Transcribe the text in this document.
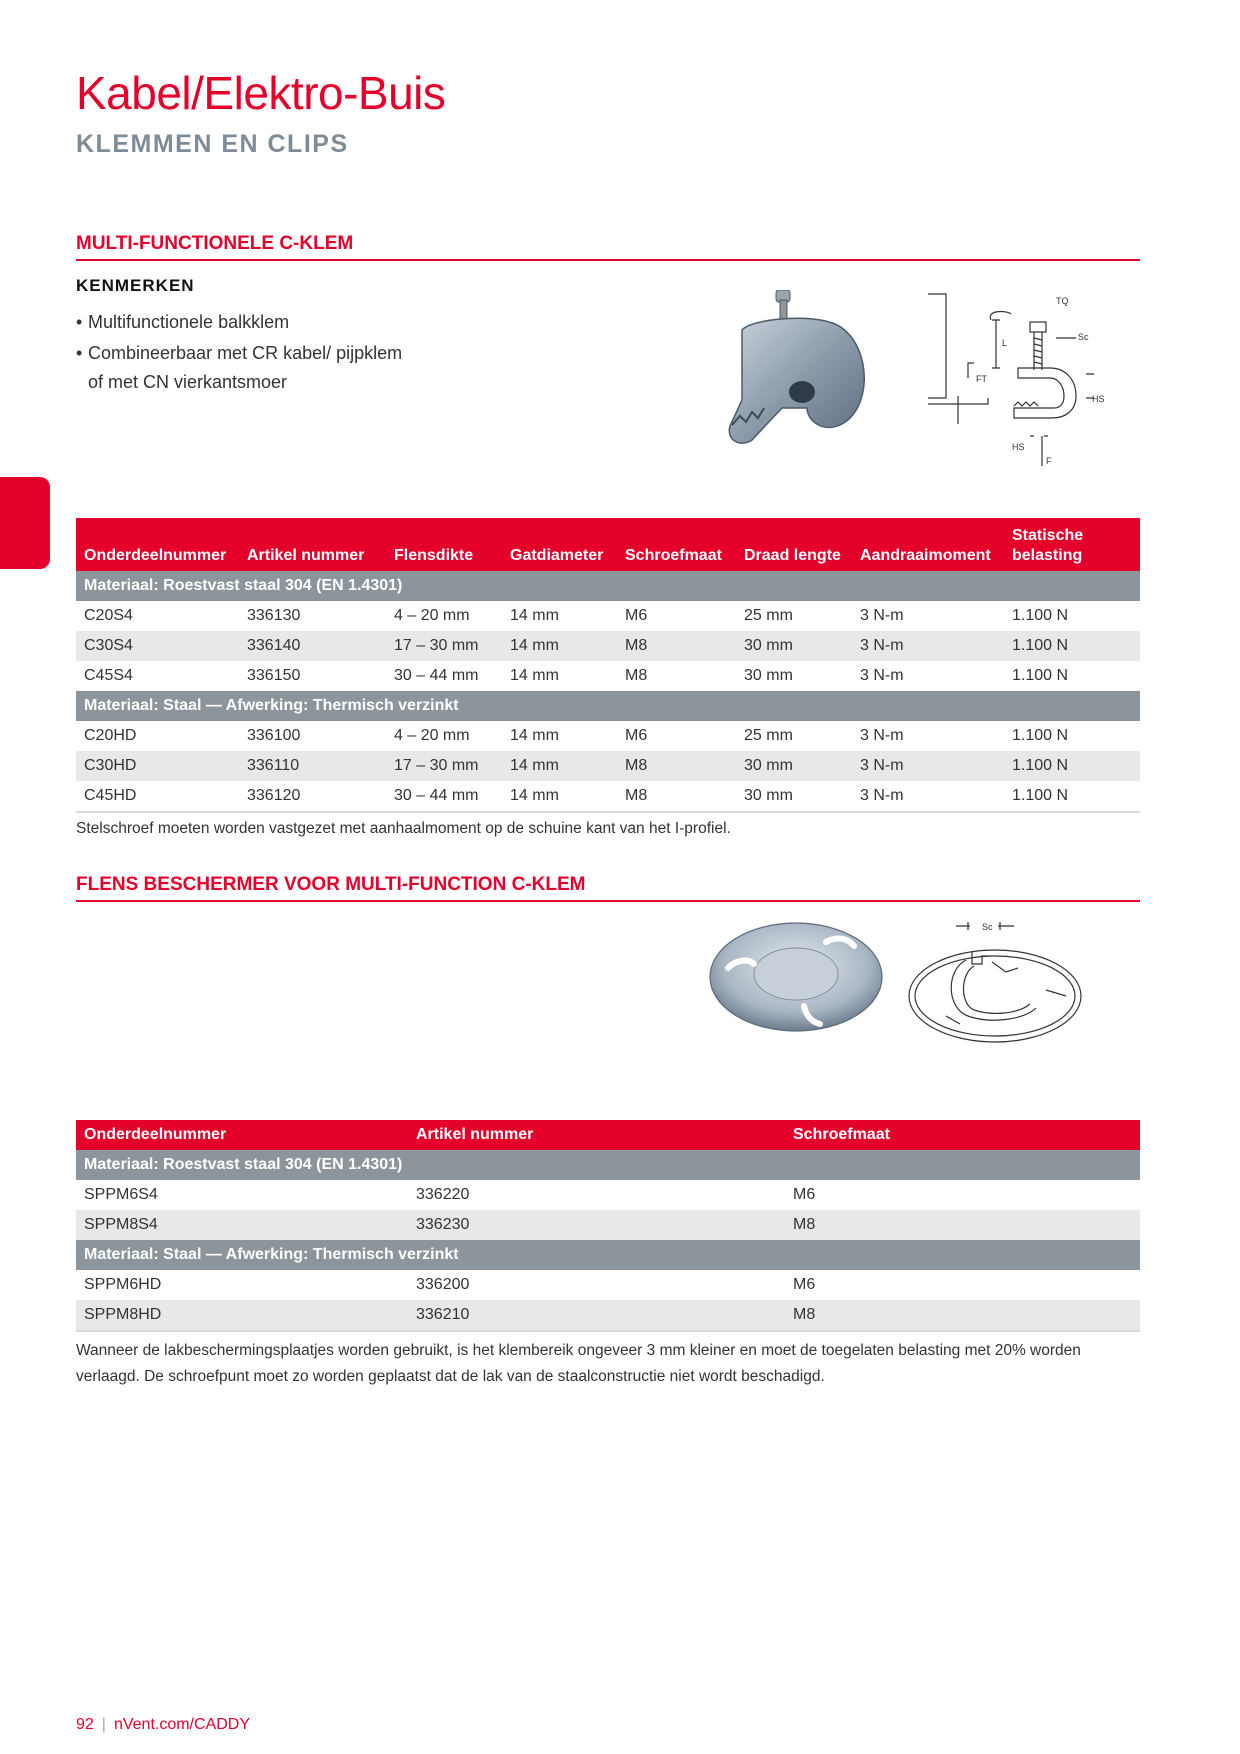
Kabel/Elektro-Buis
KLEMMEN EN CLIPS
MULTI-FUNCTIONELE C-KLEM
KENMERKEN
• Multifunctionele balkklem
• Combineerbaar met CR kabel/ pijpklem of met CN vierkantsmoer
TQ
Sc
L
FT
HS
HS
F
Onderdeelnummer	Artikel nummer	Flensdikte	Gatdiameter	Schroefmaat	Draad lengte	Aandraaimoment	Statische belasting
Materiaal: Roestvast staal 304 (EN 1.4301)							
C20S4	336130	4 – 20 mm	14 mm	M6	25 mm	3 N-m	1.100 N
C30S4	336140	17 – 30 mm	14 mm	M8	30 mm	3 N-m	1.100 N
C45S4	336150	30 – 44 mm	14 mm	M8	30 mm	3 N-m	1.100 N
Materiaal: Staal — Afwerking: Thermisch verzinkt							
C20HD	336100	4 – 20 mm	14 mm	M6	25 mm	3 N-m	1.100 N
C30HD	336110	17 – 30 mm	14 mm	M8	30 mm	3 N-m	1.100 N
C45HD	336120	30 – 44 mm	14 mm	M8	30 mm	3 N-m	1.100 N

Stelschroef moeten worden vastgezet met aanhaalmoment op de schuine kant van het I-profiel.

FLENS BESCHERMER VOOR MULTI-FUNCTION C-KLEM
Sc
Onderdeelnummer	Artikel nummer	Schroefmaat
Materiaal: Roestvast staal 304 (EN 1.4301)		
SPPM6S4	336220	M6
SPPM8S4	336230	M8
Materiaal: Staal — Afwerking: Thermisch verzinkt		
SPPM6HD	336200	M6
SPPM8HD	336210	M8

Wanneer de lakbeschermingsplaatjes worden gebruikt, is het klembereik ongeveer 3 mm kleiner en moet de toegelaten belasting met 20% worden verlaagd. De schroefpunt moet zo worden geplaatst dat de lak van de staalconstructie niet wordt beschadigd.

92 | nVent.com/CADDY
